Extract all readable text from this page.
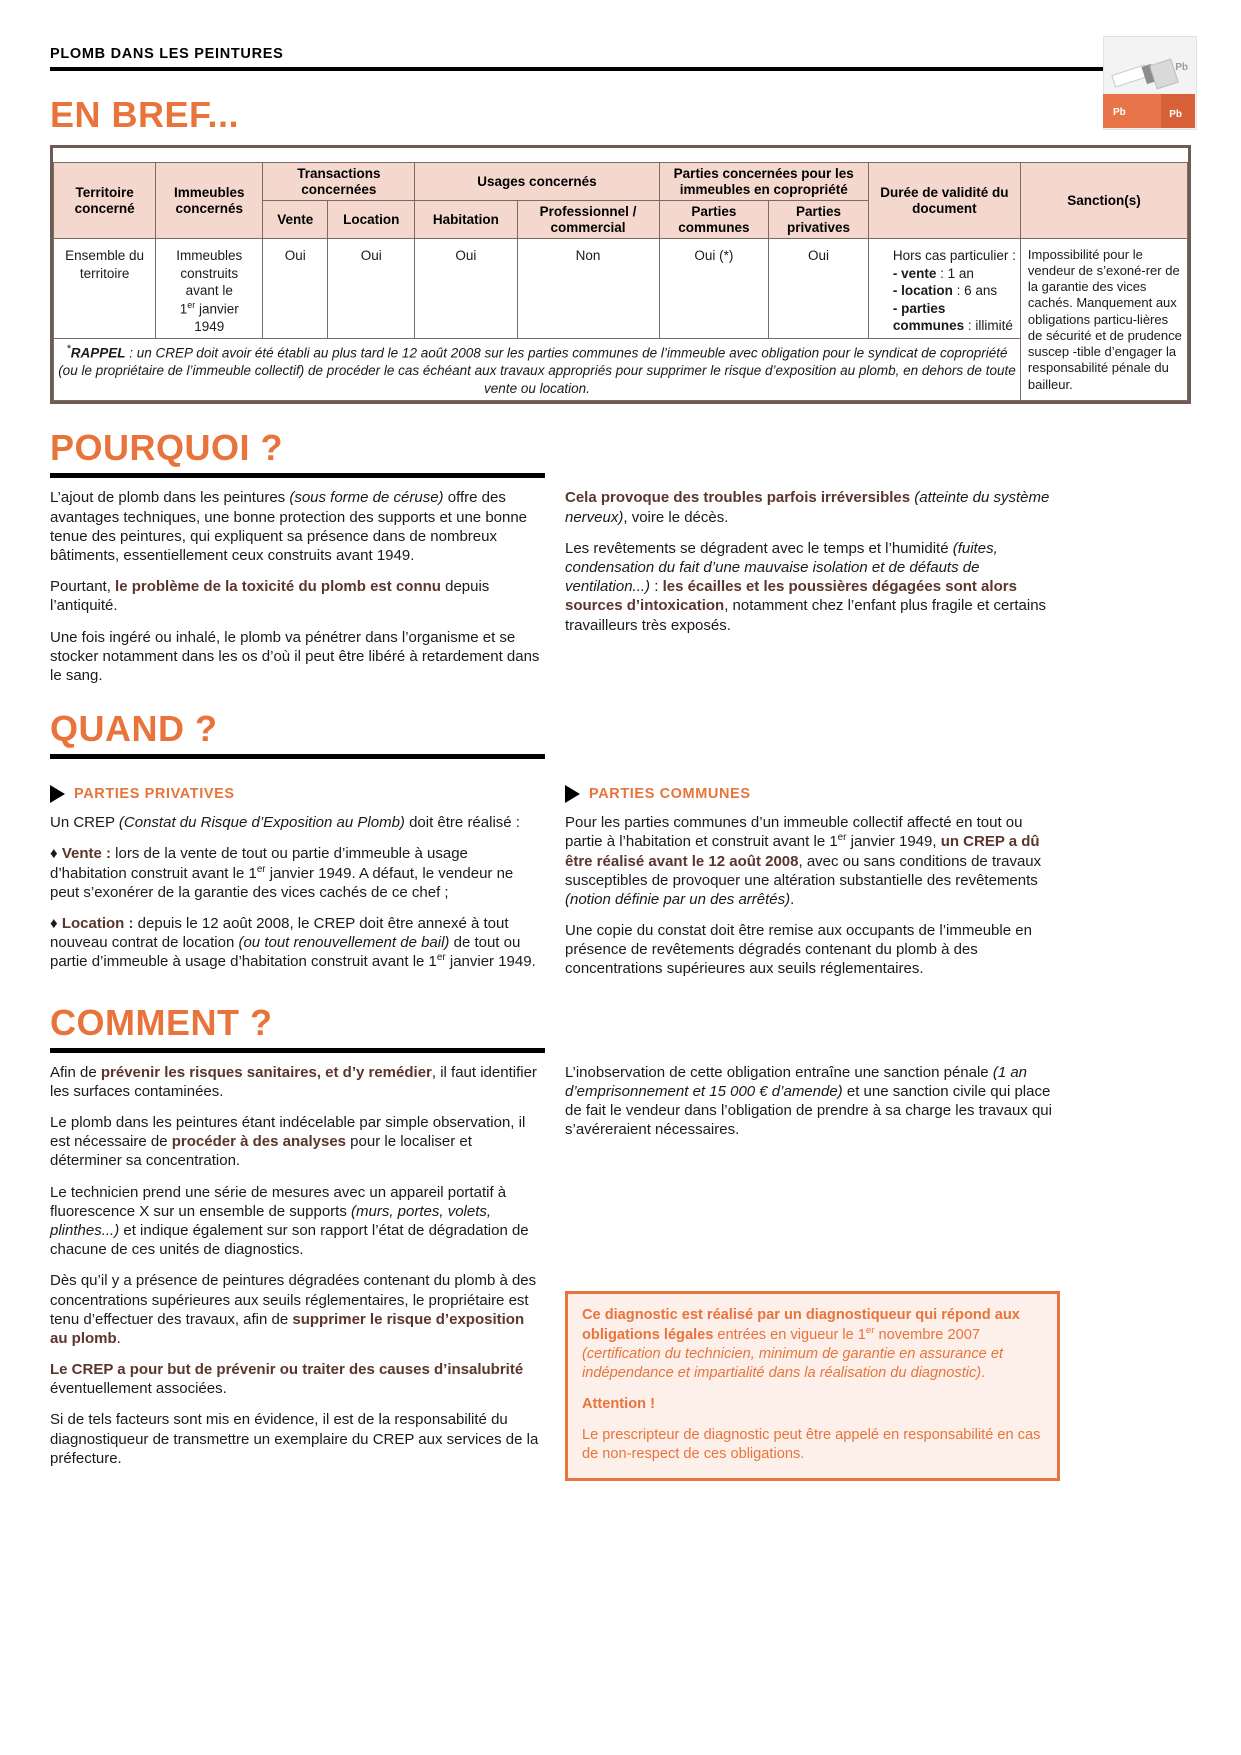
PLOMB DANS LES PEINTURES
Pb
Pb	Pb
EN BREF...
Territoire concerné	Immeubles concernés	Transactions concernées		Usages concernés		Parties concernées pour les immeubles en copropriété		Durée de validité du document	Sanction(s)
		Vente	Location	Habitation	Professionnel / commercial	Parties communes	Parties privatives		
Ensemble du territoire	Immeubles
construits
avant le
1er janvier
1949	Oui	Oui	Oui	Non	Oui (*)	Oui	Hors cas particulier :
- vente : 1 an
- location : 6 ans
- parties communes : illimité
	Impossibilité pour le vendeur de s’exoné-rer de la garantie des vices cachés. Manquement aux obligations particu-lières de sécurité et de prudence suscep -tible d’engager la responsabilité pénale du bailleur.
*RAPPEL : un CREP doit avoir été établi au plus tard le 12 août 2008 sur les parties communes de l’immeuble avec obligation pour le syndicat de copropriété (ou le propriétaire de l’immeuble collectif) de procéder le cas échéant aux travaux appropriés pour supprimer le risque d’exposition au plomb, en dehors de toute vente ou location.									
POURQUOI ?

L’ajout de plomb dans les peintures (sous forme de céruse) offre des avantages techniques, une bonne protection des supports et une bonne tenue des peintures, qui expliquent sa présence dans de nombreux bâtiments, essentiellement ceux construits avant 1949.

Pourtant, le problème de la toxicité du plomb est connu depuis l’antiquité.

Une fois ingéré ou inhalé, le plomb va pénétrer dans l’organisme et se stocker notamment dans les os d’où il peut être libéré à retardement dans le sang.

Cela provoque des troubles parfois irréversibles (atteinte du système nerveux), voire le décès.

Les revêtements se dégradent avec le temps et l’humidité (fuites, condensation du fait d’une mauvaise isolation et de défauts de ventilation...) : les écailles et les poussières dégagées sont alors sources d’intoxication, notamment chez l’enfant plus fragile et certains travailleurs très exposés.

QUAND ?
PARTIES PRIVATIVES

Un CREP (Constat du Risque d’Exposition au Plomb) doit être réalisé :

♦ Vente : lors de la vente de tout ou partie d’immeuble à usage d’habitation construit avant le 1er janvier 1949. A défaut, le vendeur ne peut s’exonérer de la garantie des vices cachés de ce chef ;

♦ Location : depuis le 12 août 2008, le CREP doit être annexé à tout nouveau contrat de location (ou tout renouvellement de bail) de tout ou partie d’immeuble à usage d’habitation construit avant le 1er janvier 1949.

PARTIES COMMUNES

Pour les parties communes d’un immeuble collectif affecté en tout ou partie à l’habitation et construit avant le 1er janvier 1949, un CREP a dû être réalisé avant le 12 août 2008, avec ou sans conditions de travaux susceptibles de provoquer une altération substantielle des revêtements (notion définie par un des arrêtés).

Une copie du constat doit être remise aux occupants de l’immeuble en présence de revêtements dégradés contenant du plomb à des concentrations supérieures aux seuils réglementaires.

COMMENT ?

Afin de prévenir les risques sanitaires, et d’y remédier, il faut identifier les surfaces contaminées.

Le plomb dans les peintures étant indécelable par simple observation, il est nécessaire de procéder à des analyses pour le localiser et déterminer sa concentration.

Le technicien prend une série de mesures avec un appareil portatif à fluorescence X sur un ensemble de supports (murs, portes, volets, plinthes...) et indique également sur son rapport l’état de dégradation de chacune de ces unités de diagnostics.

Dès qu’il y a présence de peintures dégradées contenant du plomb à des concentrations supérieures aux seuils réglementaires, le propriétaire est tenu d’effectuer des travaux, afin de supprimer le risque d’exposition au plomb.

Le CREP a pour but de prévenir ou traiter des causes d’insalubrité éventuellement associées.

Si de tels facteurs sont mis en évidence, il est de la responsabilité du diagnostiqueur de transmettre un exemplaire du CREP aux services de la préfecture.

L’inobservation de cette obligation entraîne une sanction pénale (1 an d’emprisonnement et 15 000 € d’amende) et une sanction civile qui place de fait le vendeur dans l’obligation de prendre à sa charge les travaux qui s’avéreraient nécessaires.

Ce diagnostic est réalisé par un diagnostiqueur qui répond aux obligations légales entrées en vigueur le 1er novembre 2007 (certification du technicien, minimum de garantie en assurance et indépendance et impartialité dans la réalisation du diagnostic).

Attention !

Le prescripteur de diagnostic peut être appelé en responsabilité en cas de non-respect de ces obligations.
